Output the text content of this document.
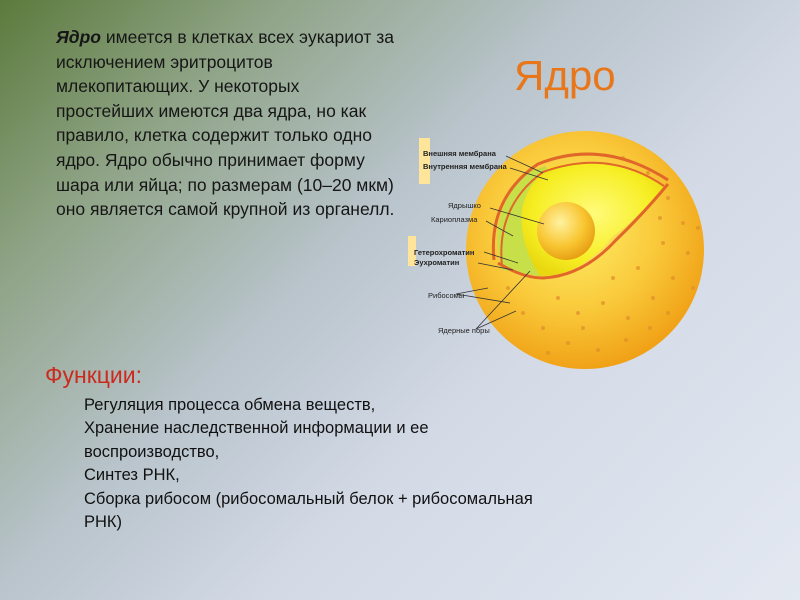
Ядро имеется в клетках всех эукариот за исключением эритроцитов млекопитающих. У некоторых простейших имеются два ядра, но как правило, клетка содержит только одно ядро. Ядро обычно принимает форму шара или яйца; по размерам (10–20 мкм) оно является самой крупной из органелл.

Ядро
Внешняя мембрана
Внутренняя мембрана
Ядрышко
Кариоплазма
Гетерохроматин
Эухроматин
Рибосомы
Ядерные поры
Функции:
Регуляция процесса обмена веществ,
Хранение наследственной информации и ее воспроизводство,
Синтез РНК,
Сборка рибосом (рибосомальный белок + рибосомальная РНК)
